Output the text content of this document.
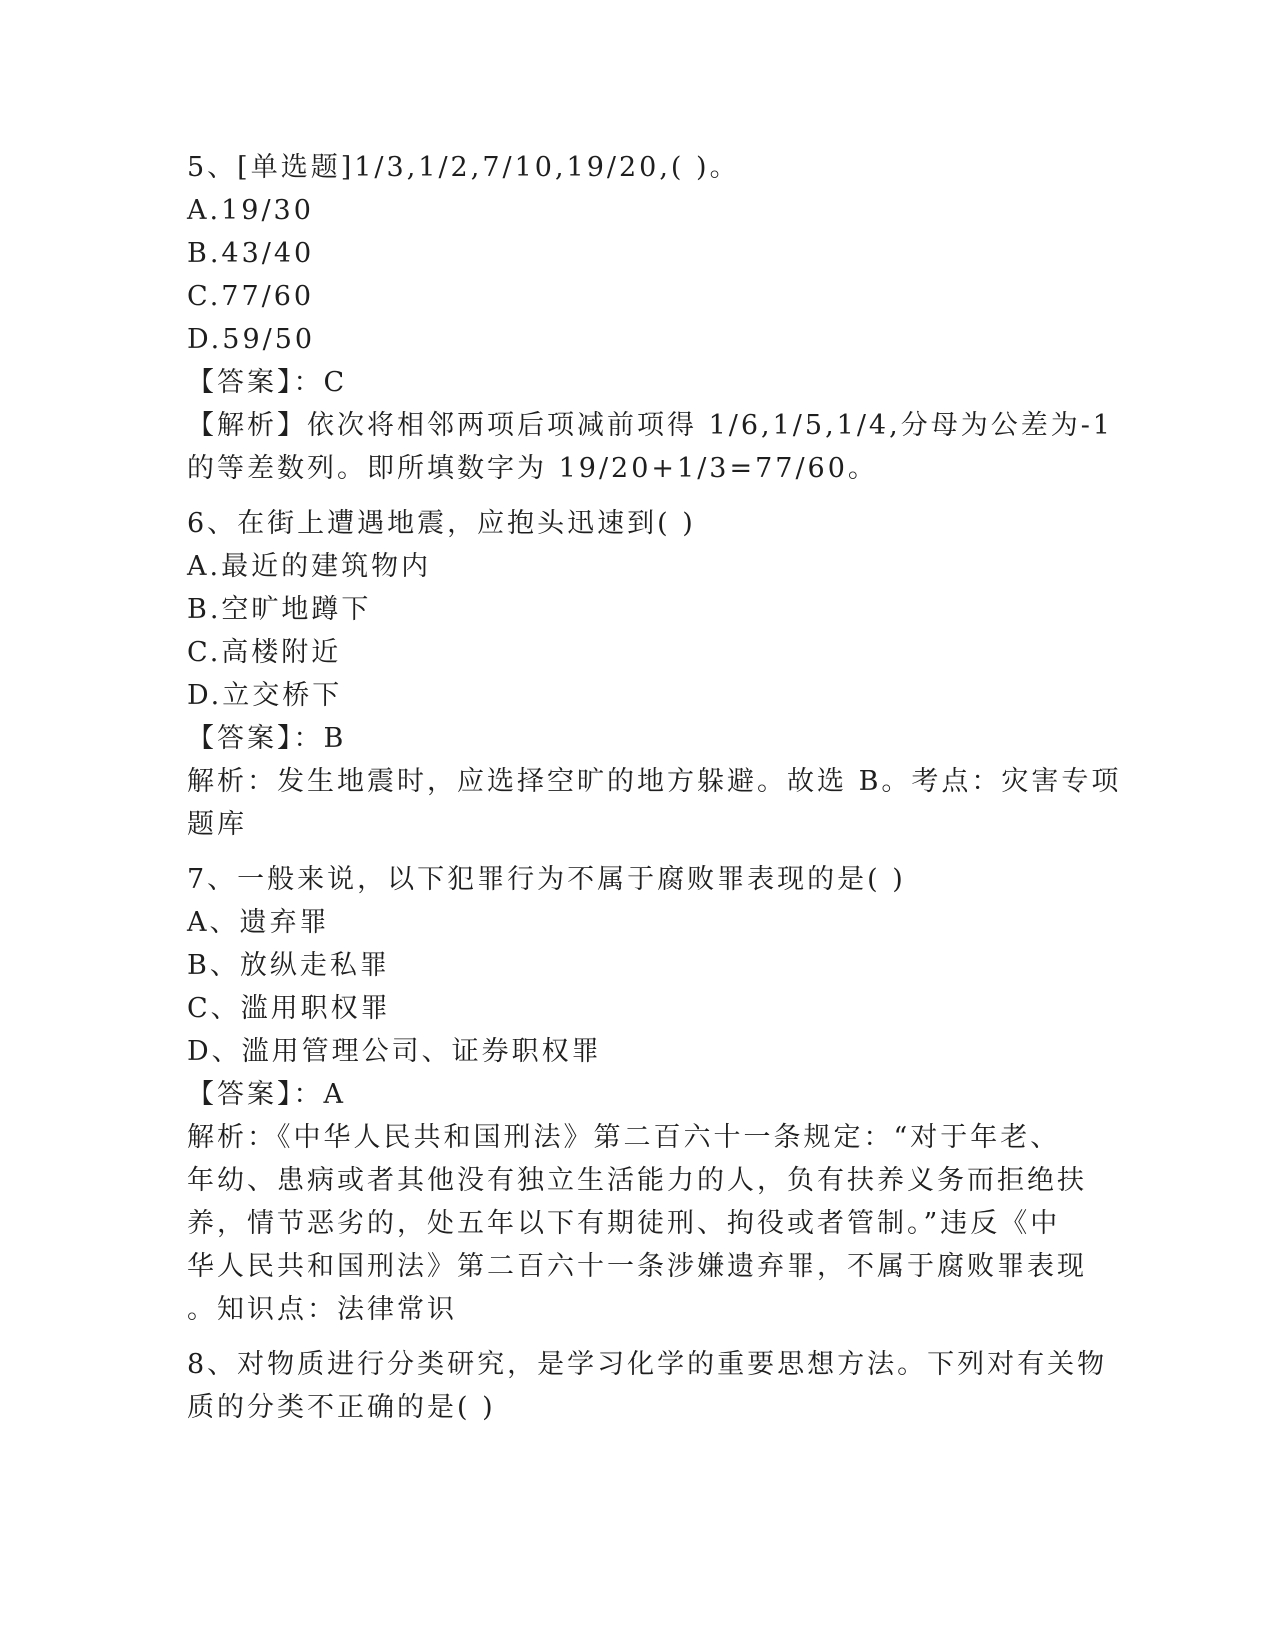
5、[单选题]1/3,1/2,7/10,19/20,( )。
A.19/30
B.43/40
C.77/60
D.59/50
【答案】：C
【解析】依次将相邻两项后项减前项得 1/6,1/5,1/4,分母为公差为-1
的等差数列。即所填数字为 19/20+1/3=77/60。
6、在街上遭遇地震，应抱头迅速到( )
A.最近的建筑物内
B.空旷地蹲下
C.高楼附近
D.立交桥下
【答案】：B
解析：发生地震时，应选择空旷的地方躲避。故选 B。考点：灾害专项
题库
7、一般来说，以下犯罪行为不属于腐败罪表现的是( )
A、遗弃罪
B、放纵走私罪
C、滥用职权罪
D、滥用管理公司、证券职权罪
【答案】：A
解析：《中华人民共和国刑法》第二百六十一条规定：“对于年老、
年幼、患病或者其他没有独立生活能力的人，负有扶养义务而拒绝扶
养，情节恶劣的，处五年以下有期徒刑、拘役或者管制。”违反《中
华人民共和国刑法》第二百六十一条涉嫌遗弃罪，不属于腐败罪表现
。知识点：法律常识
8、对物质进行分类研究，是学习化学的重要思想方法。下列对有关物
质的分类不正确的是( )
